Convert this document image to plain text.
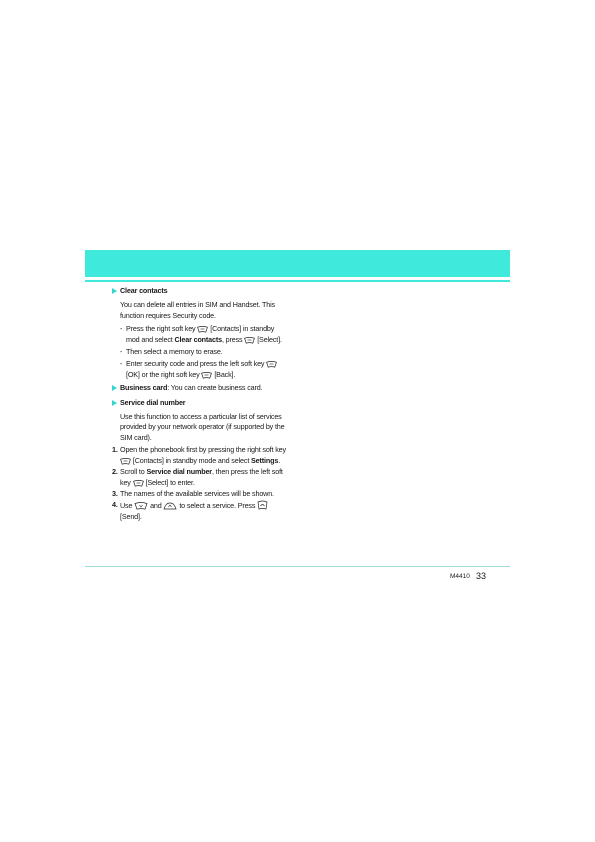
Clear contacts
You can delete all entries in SIM and Handset. This function requires Security code.
- Press the right soft key [Contacts] in standby mod and select Clear contacts, press [Select].
- Then select a memory to erase.
- Enter security code and press the left soft key  [OK] or the right soft key [Back].
Business card: You can create business card.
Service dial number
Use this function to access a particular list of services provided by your network operator (if supported by the SIM card).
1. Open the phonebook first by pressing the right soft key  [Contacts] in standby mode and select Settings.
2. Scroll to Service dial number, then press the left soft key [Select] to enter.
3. The names of the available services will be shown.
4. Use and to select a service. Press
[Send].
M4410 33
